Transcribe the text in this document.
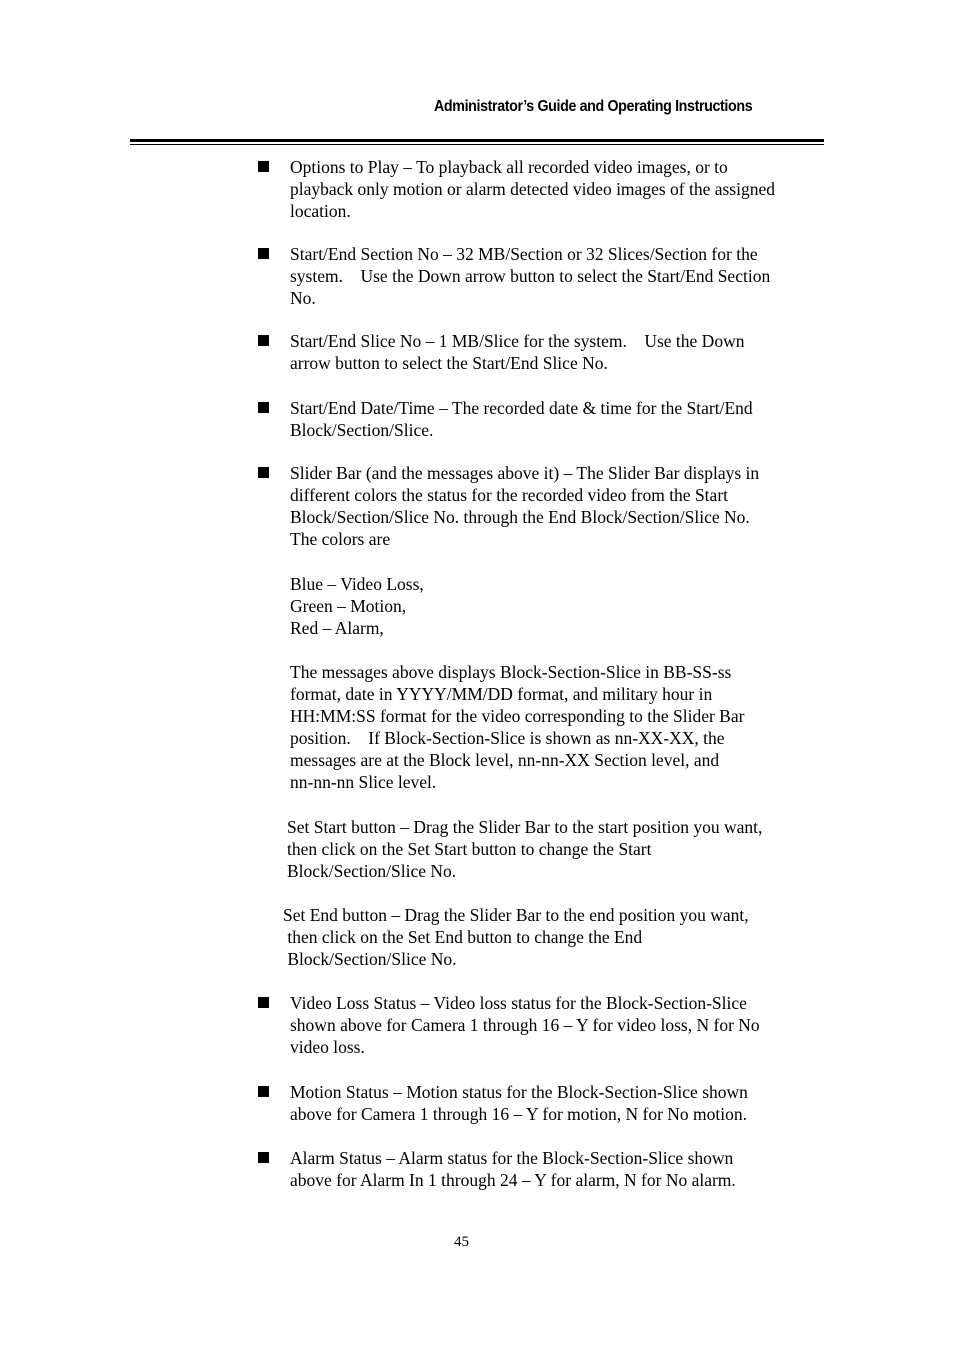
Administrator’s Guide and Operating Instructions
Options to Play – To playback all recorded video images, or to
playback only motion or alarm detected video images of the assigned
location.
Start/End Section No – 32 MB/Section or 32 Slices/Section for the
system.    Use the Down arrow button to select the Start/End Section
No.
Start/End Slice No – 1 MB/Slice for the system.    Use the Down
arrow button to select the Start/End Slice No.
Start/End Date/Time – The recorded date & time for the Start/End
Block/Section/Slice.
Slider Bar (and the messages above it) – The Slider Bar displays in
different colors the status for the recorded video from the Start
Block/Section/Slice No. through the End Block/Section/Slice No.
The colors are
Blue – Video Loss,
Green – Motion,
Red – Alarm,
The messages above displays Block-Section-Slice in BB-SS-ss
format, date in YYYY/MM/DD format, and military hour in
HH:MM:SS format for the video corresponding to the Slider Bar
position.    If Block-Section-Slice is shown as nn-XX-XX, the
messages are at the Block level, nn-nn-XX Section level, and
nn-nn-nn Slice level.
Set Start button – Drag the Slider Bar to the start position you want,
then click on the Set Start button to change the Start
Block/Section/Slice No.
Set End button – Drag the Slider Bar to the end position you want,
then click on the Set End button to change the End
Block/Section/Slice No.
Video Loss Status – Video loss status for the Block-Section-Slice
shown above for Camera 1 through 16 – Y for video loss, N for No
video loss.
Motion Status – Motion status for the Block-Section-Slice shown
above for Camera 1 through 16 – Y for motion, N for No motion.
Alarm Status – Alarm status for the Block-Section-Slice shown
above for Alarm In 1 through 24 – Y for alarm, N for No alarm.
45
